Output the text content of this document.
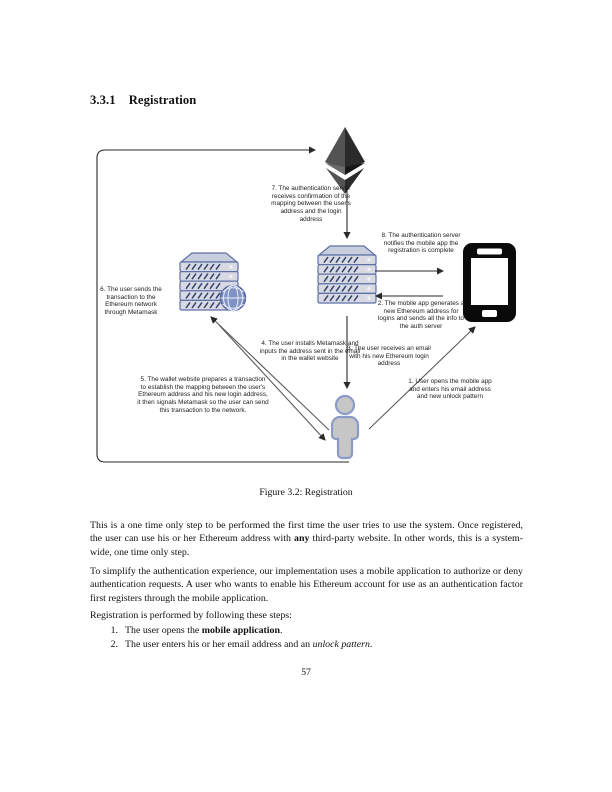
3.3.1 Registration
7. The authentication server receives confirmation of the mapping between the user's address and the login address
8. The authentication server notifies the mobile app the registration is complete
2. The mobile app generates a new Ethereum address for logins and sends all the info to the auth server
6. The user sends the transaction to the Ethereum network through Metamask
4. The user installs Metamask and inputs the address sent in the email in the wallet website
3. The user receives an email with his new Ethereum login address
5. The wallet website prepares a transaction to establish the mapping between the user's Ethereum address and his new login address, it then signals Metamask so the user can send this transaction to the network.
1. User opens the mobile app and enters his email address and new unlock pattern
Figure 3.2: Registration
This is a one time only step to be performed the first time the user tries to use the system. Once registered, the user can use his or her Ethereum address with any third-party website. In other words, this is a system-wide, one time only step.
To simplify the authentication experience, our implementation uses a mobile application to authorize or deny authentication requests. A user who wants to enable his Ethereum account for use as an authentication factor first registers through the mobile application.
Registration is performed by following these steps:
1. The user opens the mobile application.
2. The user enters his or her email address and an unlock pattern.
57
